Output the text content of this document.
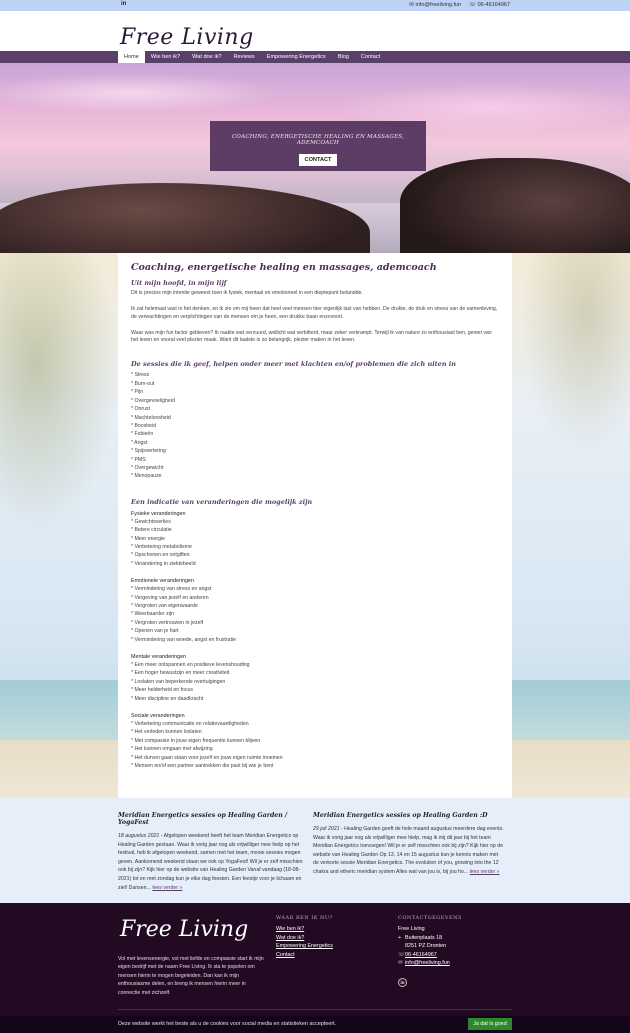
in	✉ info@freeliving.fun ☏ 06-46164967
Free Living
Home	Wie ben ik?	Wat doe ik?	Reviews	Empowering Energetics	Blog	Contact
COACHING, ENERGETISCHE HEALING EN MASSAGES, ADEMCOACH
CONTACT
Coaching, energetische healing en massages, ademcoach
Uit mijn hoofd, in mijn lijf

Dit is precies mijn intentie geweest toen ik fysiek, mentaal en emotioneel in een dieptepunt belandde.

Ik zat helemaal vast in het denken, en ik zie om mij heen dat heel veel mensen hier eigenlijk last van hebben. De drukte, de druk en stress van de samenleving, de verwachtingen en verplichtingen van de mensen om je heen, een drukke baan enzovoort.

Waar was mijn fun factor gebleven? Ik raakte wat verzuurd, wellicht wat verbitterd, maar zeker verkrampt. Terwijl ik van nature zo enthousiast ben, geniet van het leven en vooral veel plezier maak. Want dit laatste is zo belangrijk, plezier maken in het leven.

De sessies die ik geef, helpen onder meer met klachten en/of problemen die zich uiten in
* Stress
* Burn-out
* Pijn
* Overgevoeligheid
* Onrust
* Machteloosheid
* Boosheid
* Fobieën
* Angst
* Spijsvertering
* PMS
* Overgewicht
* Menopauze
Een indicatie van veranderingen die mogelijk zijn
Fysieke veranderingen
* Gewichtsverlies
* Betere circulatie
* Meer energie
* Verbetering metabolisme
* Opschonen en ontgiften
* Verandering in ziektebeeld
Emotionele veranderingen
* Vermindering van stress en angst
* Vergeving van jezelf en anderen
* Vergroten van eigenwaarde
* Weerbaarder zijn
* Vergroten vertrouwen in jezelf
* Openen van je hart
* Vermindering van woede, angst en frustratie
Mentale veranderingen
* Een meer ontspannen en positieve levenshouding
* Een hoger bewustzijn en meer creativiteit
* Loslaten van beperkende overtuigingen
* Meer helderheid en focus
* Meer discipline en daadkracht
Sociale veranderingen
* Verbetering communicatie en relatievaardigheden
* Het verleden kunnen loslaten
* Met compassie in jouw eigen frequentie kunnen blijven
* Het kunnen omgaan met afwijzing
* Het durven gaan staan voor jezelf en jouw eigen ruimte innemen
* Mensen en/of een partner aantrekken die past bij wie je bent
Meridian Energetics sessies op Healing Garden / YogaFest

18 augustus 2021 - Afgelopen weekend heeft het team Meridian Energetics op Healing Garden gestaan. Waar ik vorig jaar nog als vrijwilliger mee hielp op het festival, heb ik afgelopen weekend, samen met het team, mooie sessies mogen geven. Aankomend weekend staan we ook op YogaFest! Wil je er zelf misschien ook bij zijn? Kijk hier op de website van Healing Garden Vanaf vandaag (18-08-2021) tot en met zondag kun je elke dag feesten. Een feestje voor je lichaam en ziel! Dansen... lees verder »

Meridian Energetics sessies op Healing Garden :D

29 juli 2021 - Healing Garden geeft de hele maand augustus meerdere dag events. Waar ik vorig jaar nog als vrijwilliger mee hielp, mag ik mij dit jaar bij het team Meridian Energetics toevoegen! Wil je er zelf misschien ook bij zijn? Kijk hier op de website van Healing Garden Op 13, 14 en 15 augustus kun je kennis maken met de verkorte sessie Meridian Energetics. The evolution of you, growing into the 12 chakra and etheric meridian system Alles wat van jou is, bij jou ho... lees verder »

Free Living
Vol met levensenergie, vol met liefde en compassie start ik mijn eigen bedrijf met de naam Free Living. Ik sta te popelen om mensen hierin te mogen begeleiden. Dan kan ik mijn enthousiasme delen, en breng ik mensen hierin meer in connectie met zichzelf.
WAAR BEN IK NU?
Wie ben ik?
Wat doe ik?
Empowering Energetics
Contact
CONTACTGEGEVENS
Free Living
⌖ Buitenplaats 18
8251 PZ Dronten
☏06-46164967
✉ info@freeliving.fun
in
Deze website werkt het beste als u de cookies voor social media en statistieken accepteert.	Ja dat is goed
